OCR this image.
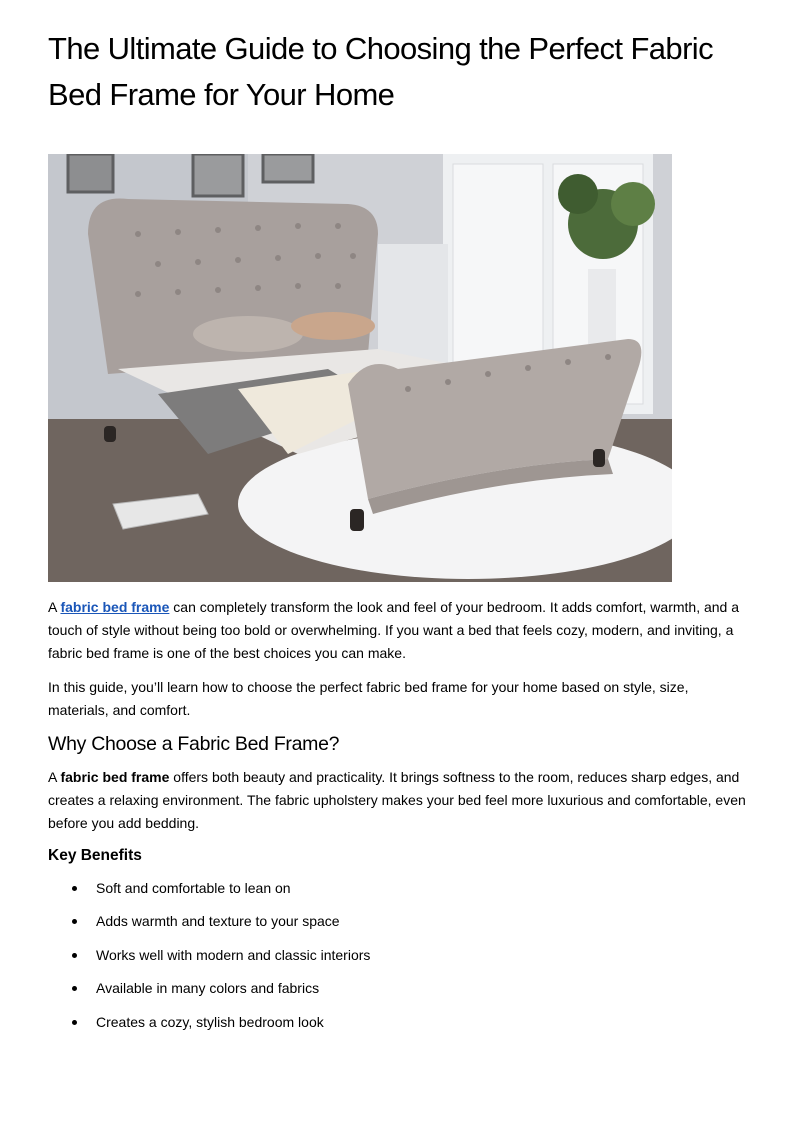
The Ultimate Guide to Choosing the Perfect Fabric Bed Frame for Your Home

A fabric bed frame can completely transform the look and feel of your bedroom. It adds comfort, warmth, and a touch of style without being too bold or overwhelming. If you want a bed that feels cozy, modern, and inviting, a fabric bed frame is one of the best choices you can make.

In this guide, you’ll learn how to choose the perfect fabric bed frame for your home based on style, size, materials, and comfort.

Why Choose a Fabric Bed Frame?

A fabric bed frame offers both beauty and practicality. It brings softness to the room, reduces sharp edges, and creates a relaxing environment. The fabric upholstery makes your bed feel more luxurious and comfortable, even before you add bedding.

Key Benefits
Soft and comfortable to lean on
Adds warmth and texture to your space
Works well with modern and classic interiors
Available in many colors and fabrics
Creates a cozy, stylish bedroom look
